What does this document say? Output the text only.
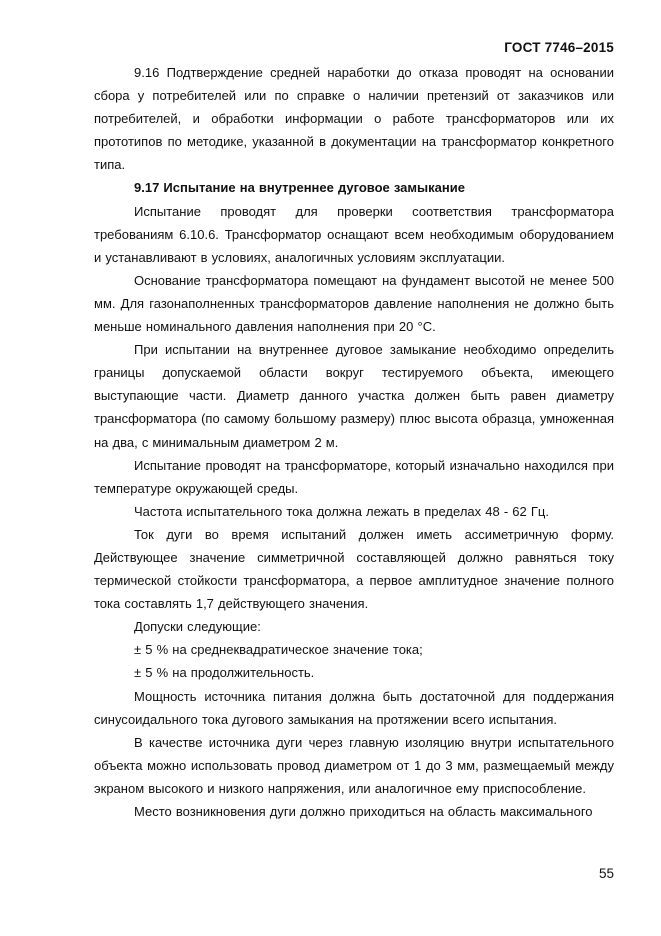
ГОСТ 7746–2015

9.16 Подтверждение средней наработки до отказа проводят на основании сбора у потребителей или по справке о наличии претензий от заказчиков или потребителей, и обработки информации о работе трансформаторов или их прототипов по методике, указанной в документации на трансформатор конкретного типа.

9.17 Испытание на внутреннее дуговое замыкание

Испытание проводят для проверки соответствия трансформатора требованиям 6.10.6. Трансформатор оснащают всем необходимым оборудованием и устанавливают в условиях, аналогичных условиям эксплуатации.

Основание трансформатора помещают на фундамент высотой не менее 500 мм. Для газонаполненных трансформаторов давление наполнения не должно быть меньше номинального давления наполнения при 20 °С.

При испытании на внутреннее дуговое замыкание необходимо определить границы допускаемой области вокруг тестируемого объекта, имеющего выступающие части. Диаметр данного участка должен быть равен диаметру трансформатора (по самому большому размеру) плюс высота образца, умноженная на два, с минимальным диаметром 2 м.

Испытание проводят на трансформаторе, который изначально находился при температуре окружающей среды.

Частота испытательного тока должна лежать в пределах 48 - 62 Гц.

Ток дуги во время испытаний должен иметь ассиметричную форму. Действующее значение симметричной составляющей должно равняться току термической стойкости трансформатора, а первое амплитудное значение полного тока составлять 1,7 действующего значения.

Допуски следующие:

± 5 % на среднеквадратическое значение тока;

± 5 % на продолжительность.

Мощность источника питания должна быть достаточной для поддержания синусоидального тока дугового замыкания на протяжении всего испытания.

В качестве источника дуги через главную изоляцию внутри испытательного объекта можно использовать провод диаметром от 1 до 3 мм, размещаемый между экраном высокого и низкого напряжения, или аналогичное ему приспособление.

Место возникновения дуги должно приходиться на область максимального

55
